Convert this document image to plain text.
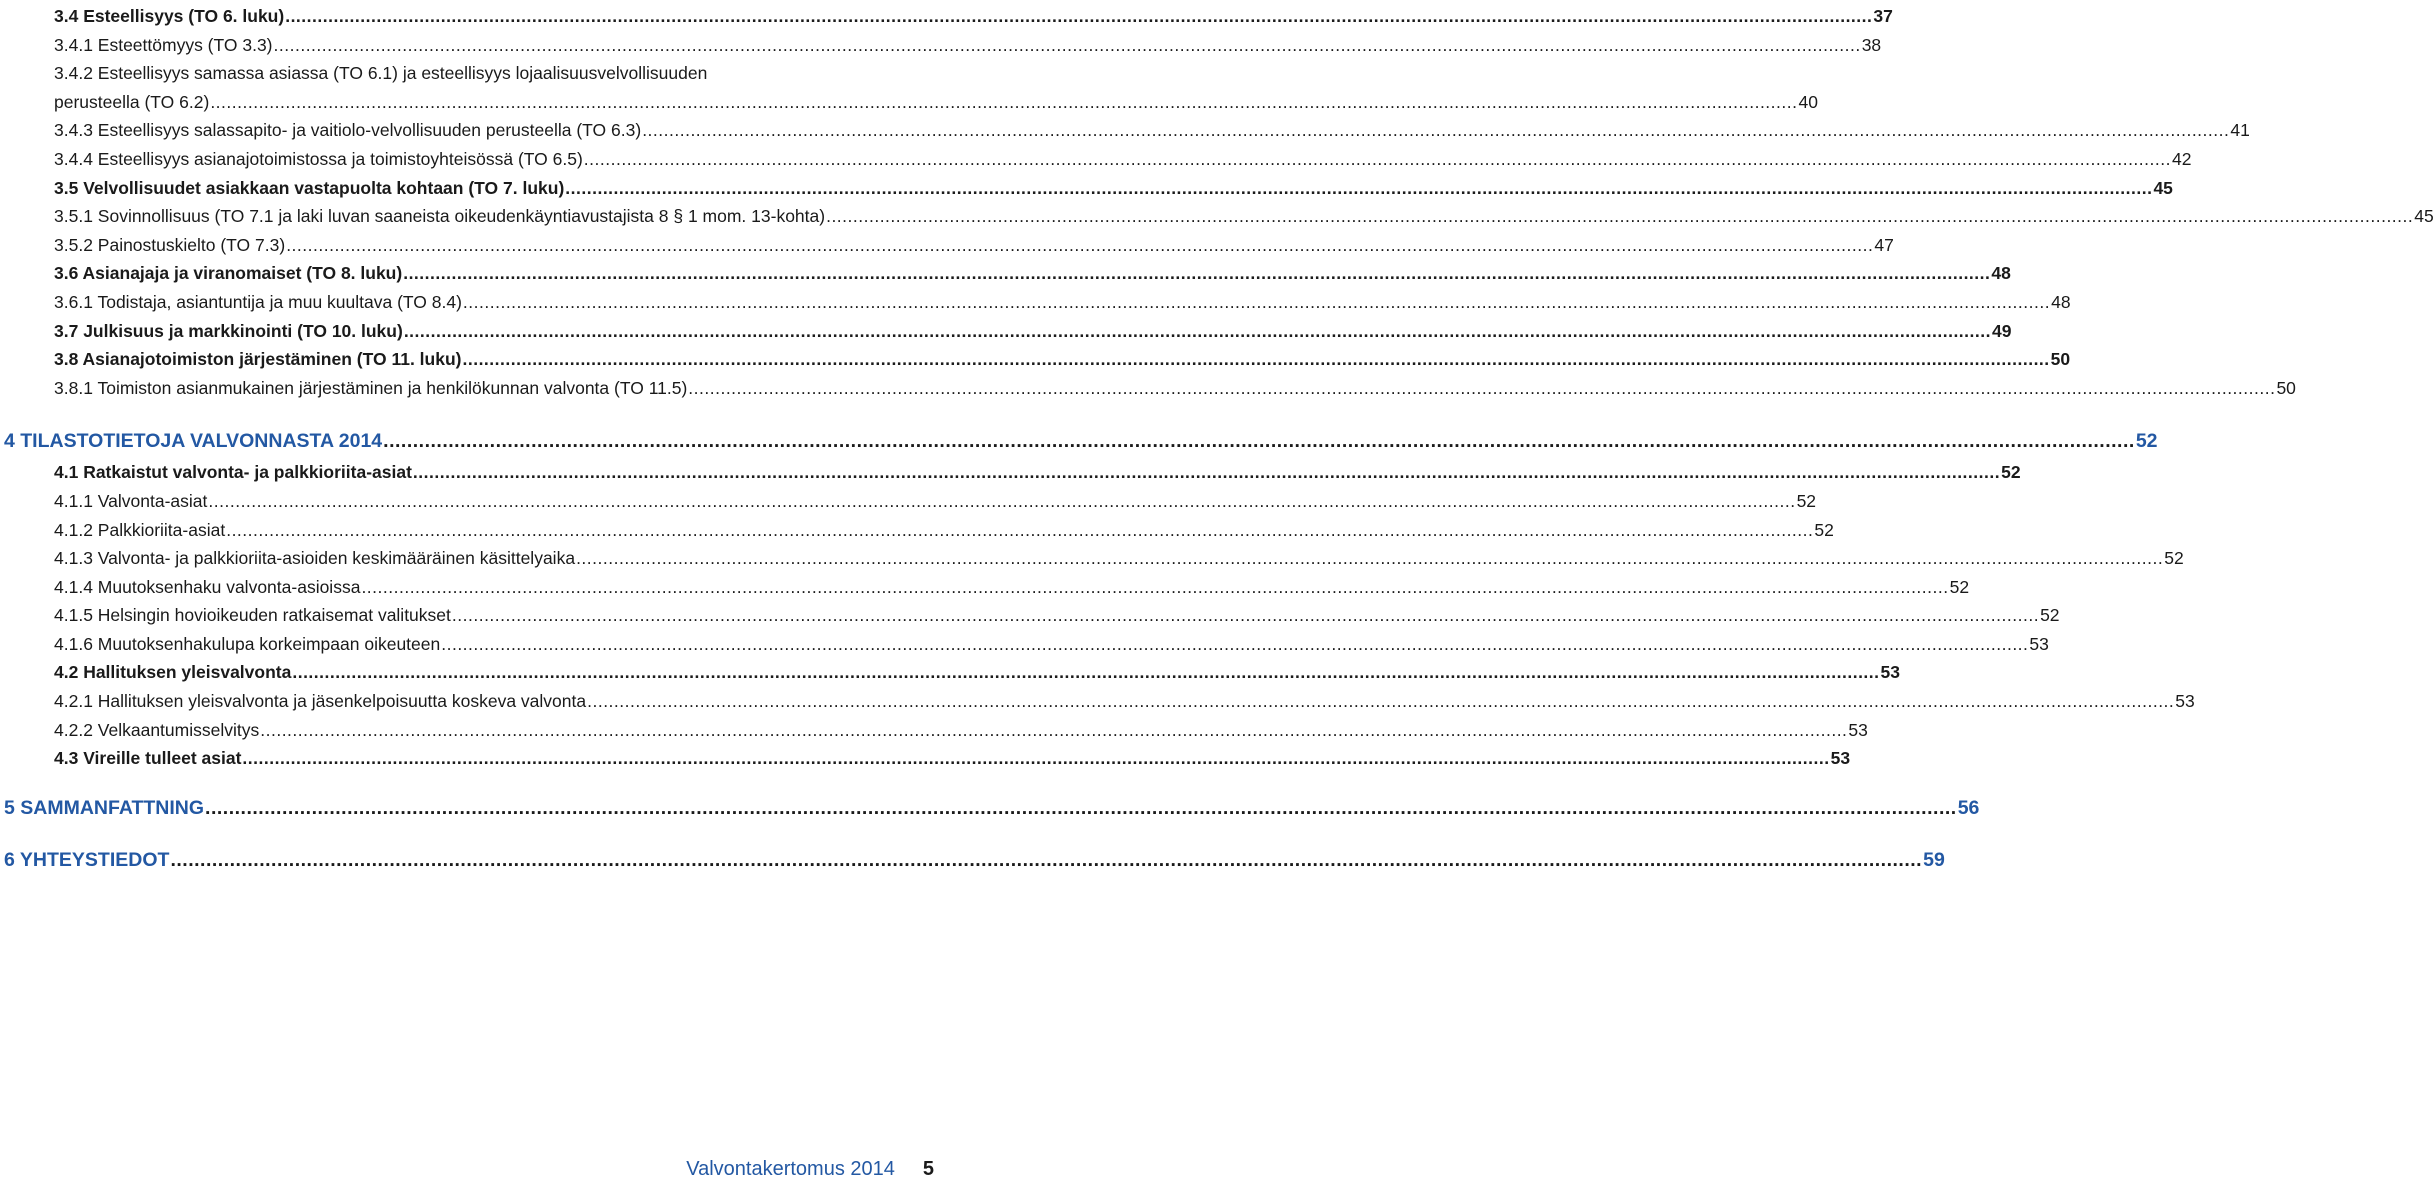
3.4 Esteellisyys (TO 6. luku) .....	37
3.4.1 Esteettömyys (TO 3.3) .....	38
3.4.2 Esteellisyys samassa asiassa (TO 6.1) ja esteellisyys lojaalisuusvelvollisuuden
perusteella (TO 6.2) .....	40
3.4.3 Esteellisyys salassapito- ja vaitiolo-velvollisuuden perusteella (TO 6.3) .....	41
3.4.4 Esteellisyys asianajotoimistossa ja toimistoyhteisössä (TO 6.5) .....	42
3.5 Velvollisuudet asiakkaan vastapuolta kohtaan (TO 7. luku) .....	45
3.5.1 Sovinnollisuus (TO 7.1 ja laki luvan saaneista oikeudenkäyntiavustajista 8 § 1 mom. 13-kohta) .....	45
3.5.2 Painostuskielto (TO 7.3) .....	47
3.6 Asianajaja ja viranomaiset (TO 8. luku) .....	48
3.6.1 Todistaja, asiantuntija ja muu kuultava (TO 8.4) .....	48
3.7 Julkisuus ja markkinointi (TO 10. luku) .....	49
3.8 Asianajotoimiston järjestäminen (TO 11. luku) .....	50
3.8.1 Toimiston asianmukainen järjestäminen ja henkilökunnan valvonta (TO 11.5) .....	50
4 TILASTOTIETOJA VALVONNASTA 2014 .....	52
4.1 Ratkaistut valvonta- ja palkkioriita-asiat .....	52
4.1.1 Valvonta-asiat .....	52
4.1.2 Palkkioriita-asiat .....	52
4.1.3 Valvonta- ja palkkioriita-asioiden keskimääräinen käsittelyaika .....	52
4.1.4 Muutoksenhaku valvonta-asioissa .....	52
4.1.5 Helsingin hovioikeuden ratkaisemat valitukset .....	52
4.1.6 Muutoksenhakulupa korkeimpaan oikeuteen .....	53
4.2 Hallituksen yleisvalvonta .....	53
4.2.1 Hallituksen yleisvalvonta ja jäsenkelpoisuutta koskeva valvonta .....	53
4.2.2 Velkaantumisselvitys .....	53
4.3 Vireille tulleet asiat .....	53
5 SAMMANFATTNING .....	56
6 YHTEYSTIEDOT .....	59
Valvontakertomus 2014 5
